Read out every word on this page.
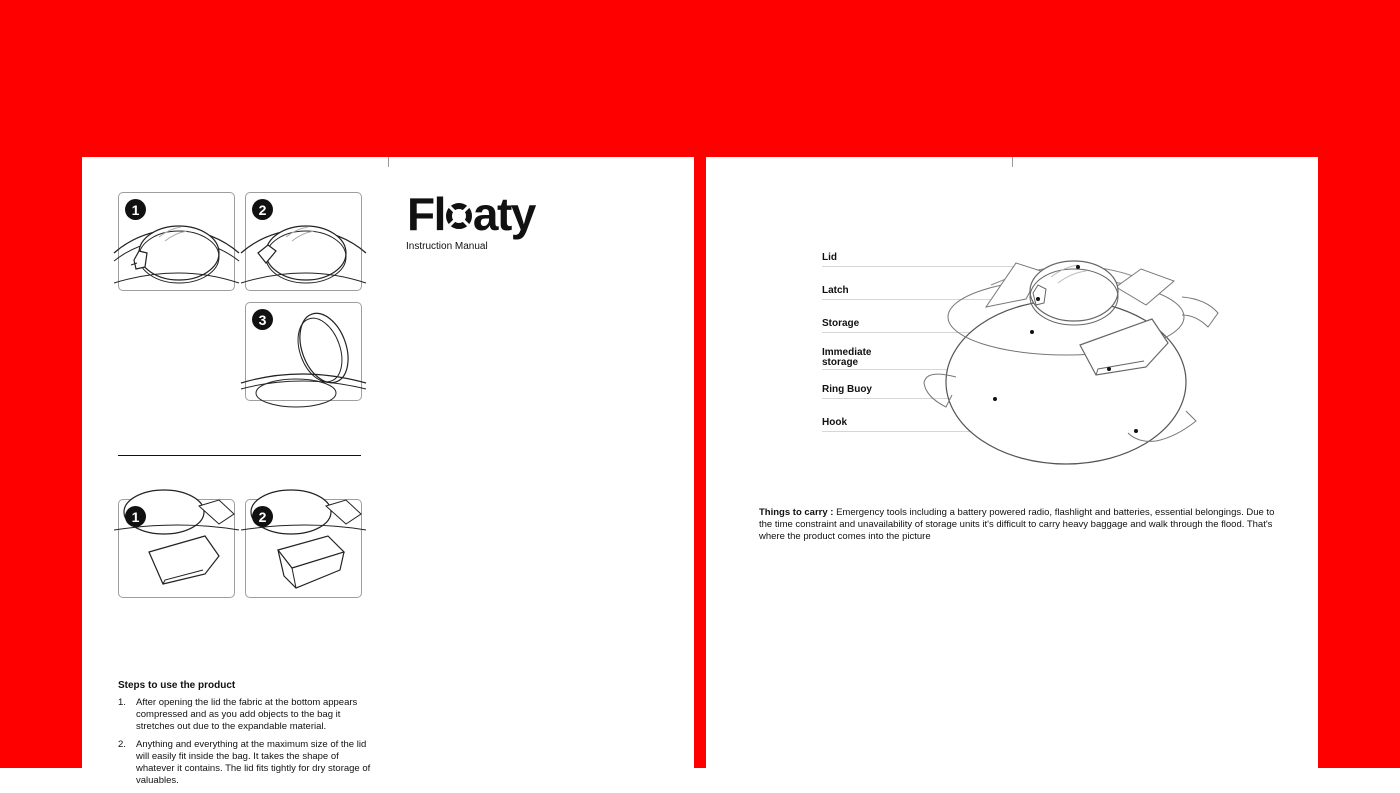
1	2
3
1	2
Fl aty
Instruction Manual
Steps to use the product
1. After opening the lid the fabric at the bottom appears compressed and as you add objects to the bag it stretches out due to the expandable material.
2. Anything and everything at the maximum size of the lid will easily fit inside the bag. It takes the shape of whatever it contains. The lid fits tightly for dry storage of valuables.
Lid
Latch
Storage
Immediate storage
Ring Buoy
Hook
Things to carry : Emergency tools including a battery powered radio, flashlight and batteries, essential belongings. Due to the time constraint and unavailability of storage units it's difficult to carry heavy baggage and walk through the flood. That's where the product comes into the picture
